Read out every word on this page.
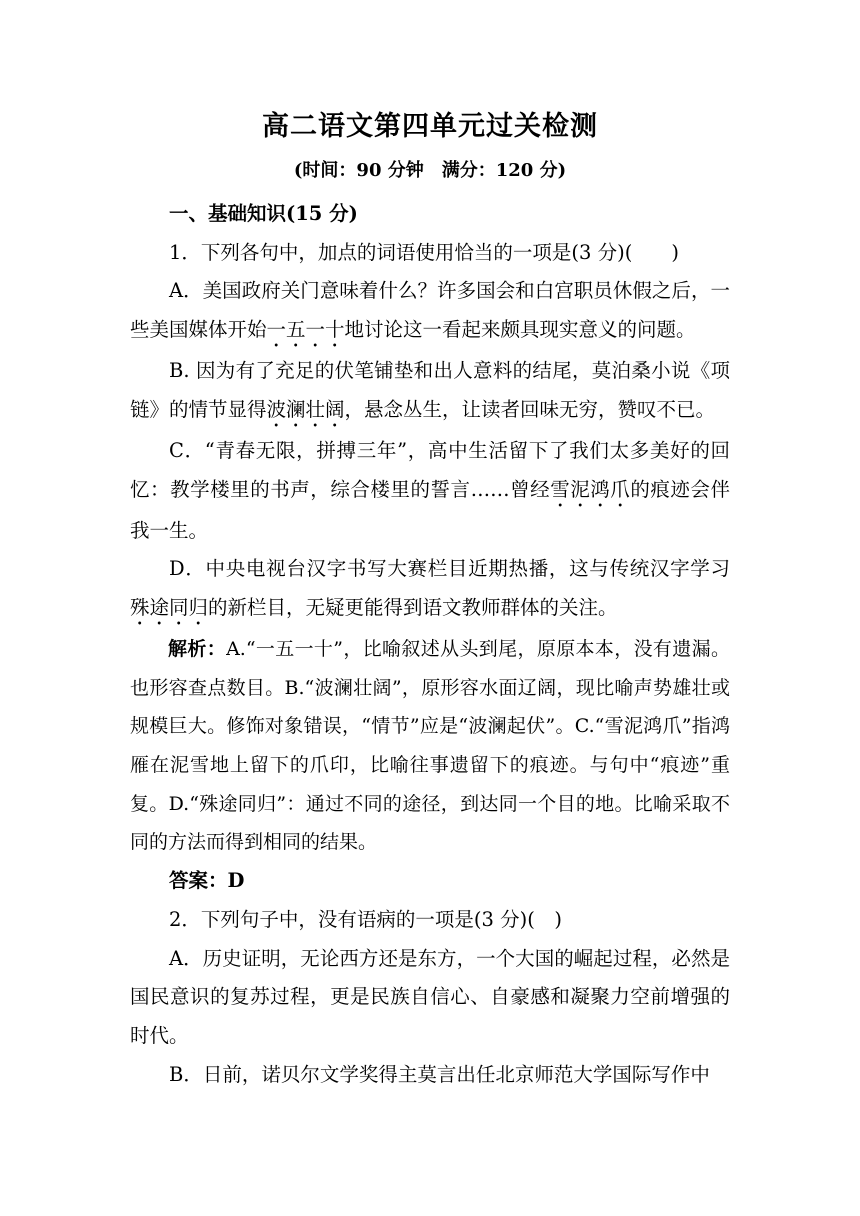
高二语文第四单元过关检测
(时间：90 分钟　满分：120 分)

一、基础知识(15 分)

1．下列各句中，加点的词语使用恰当的一项是(3 分)(　　)

A．美国政府关门意味着什么？许多国会和白宫职员休假之后，一些美国媒体开始一五一十地讨论这一看起来颇具现实意义的问题。

B. 因为有了充足的伏笔铺垫和出人意料的结尾，莫泊桑小说《项链》的情节显得波澜壮阔，悬念丛生，让读者回味无穷，赞叹不已。

C．“青春无限，拼搏三年”，高中生活留下了我们太多美好的回忆：教学楼里的书声，综合楼里的誓言……曾经雪泥鸿爪的痕迹会伴我一生。

D．中央电视台汉字书写大赛栏目近期热播，这与传统汉字学习殊途同归的新栏目，无疑更能得到语文教师群体的关注。

解析：A.“一五一十”，比喻叙述从头到尾，原原本本，没有遗漏。也形容查点数目。B.“波澜壮阔”，原形容水面辽阔，现比喻声势雄壮或规模巨大。修饰对象错误，“情节”应是“波澜起伏”。C.“雪泥鸿爪”指鸿雁在泥雪地上留下的爪印，比喻往事遗留下的痕迹。与句中“痕迹”重复。D.“殊途同归”：通过不同的途径，到达同一个目的地。比喻采取不同的方法而得到相同的结果。

答案：D

2．下列句子中，没有语病的一项是(3 分)(　)

A．历史证明，无论西方还是东方，一个大国的崛起过程，必然是国民意识的复苏过程，更是民族自信心、自豪感和凝聚力空前增强的时代。

B．日前，诺贝尔文学奖得主莫言出任北京师范大学国际写作中
